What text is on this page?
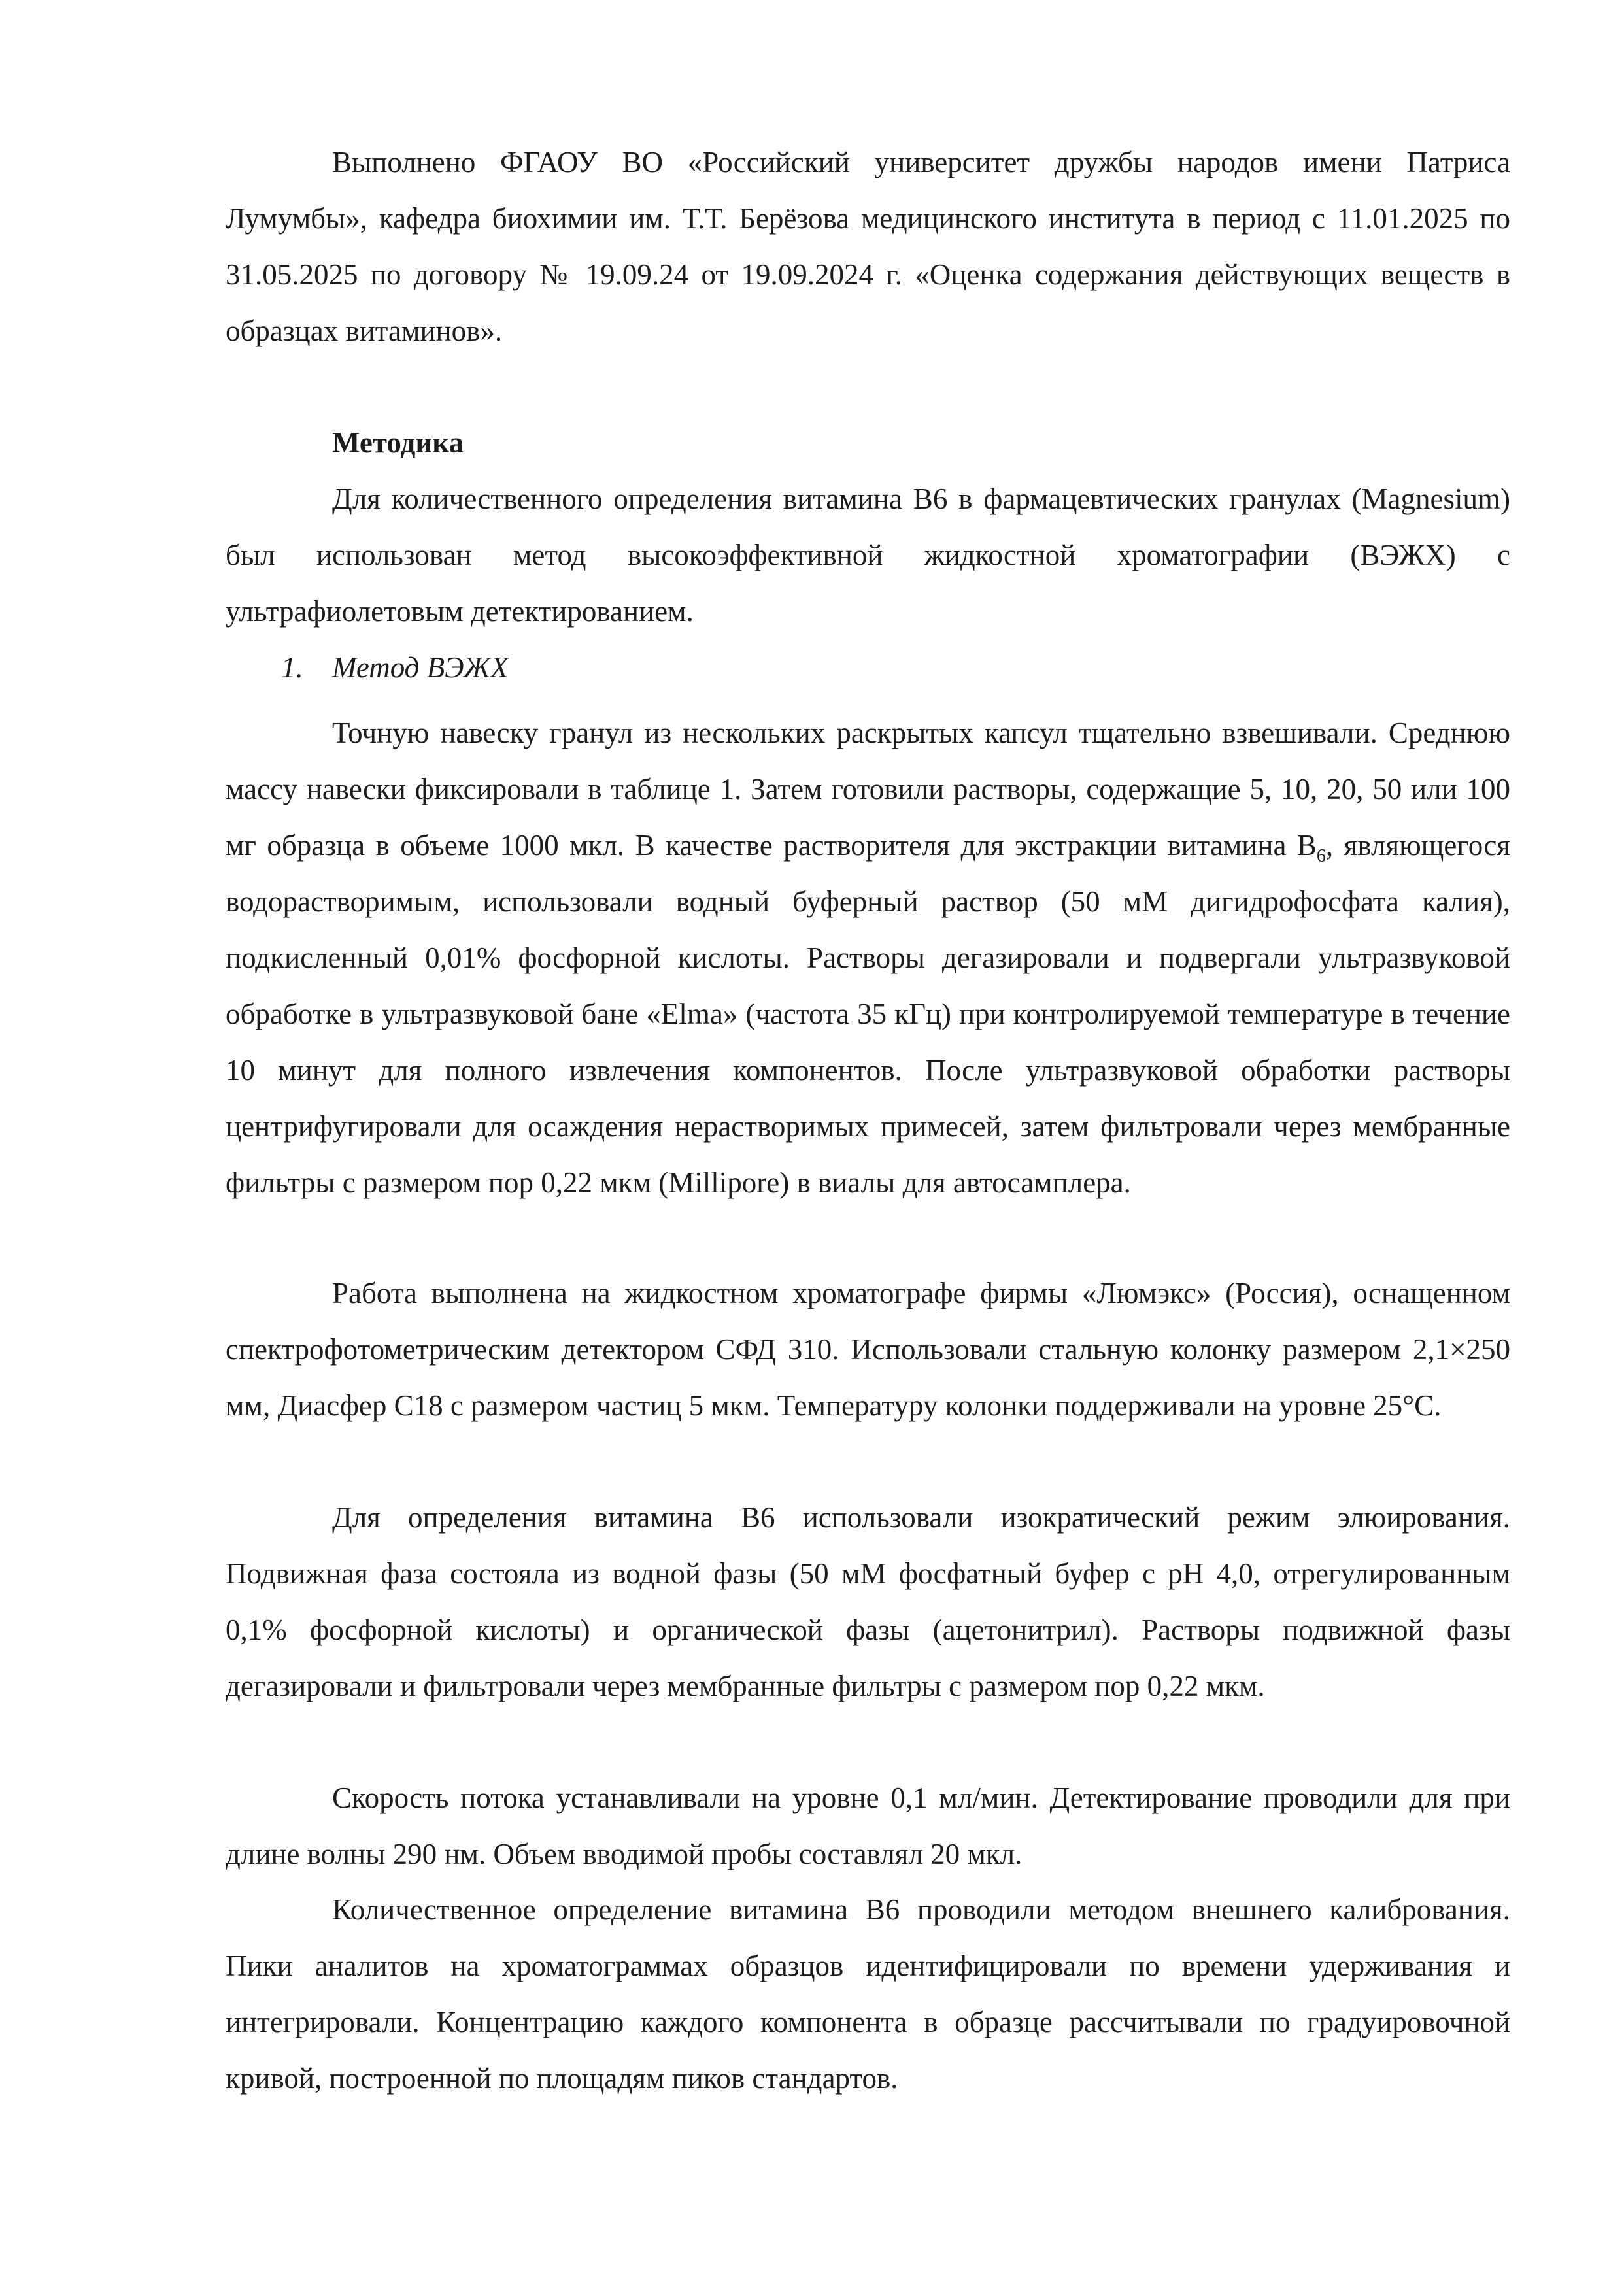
Выполнено ФГАОУ ВО «Российский университет дружбы народов имени Патриса Лумумбы», кафедра биохимии им. Т.Т. Берёзова медицинского института в период с 11.01.2025 по 31.05.2025 по договору № 19.09.24 от 19.09.2024 г. «Оценка содержания действующих веществ в образцах витаминов».

Методика

Для количественного определения витамина В6 в фармацевтических гранулах (Magnesium) был использован метод высокоэффективной жидкостной хроматографии (ВЭЖХ) с ультрафиолетовым детектированием.

1. Метод ВЭЖХ

Точную навеску гранул из нескольких раскрытых капсул тщательно взвешивали. Среднюю массу навески фиксировали в таблице 1. Затем готовили растворы, содержащие 5, 10, 20, 50 или 100 мг образца в объеме 1000 мкл. В качестве растворителя для экстракции витамина $В_6$, являющегося водорастворимым, использовали водный буферный раствор (50 мМ дигидрофосфата калия), подкисленный 0,01% фосфорной кислоты. Растворы дегазировали и подвергали ультразвуковой обработке в ультразвуковой бане «Elma» (частота 35 кГц) при контролируемой температуре в течение 10 минут для полного извлечения компонентов. После ультразвуковой обработки растворы центрифугировали для осаждения нерастворимых примесей, затем фильтровали через мембранные фильтры с размером пор 0,22 мкм (Millipore) в виалы для автосамплера.

Работа выполнена на жидкостном хроматографе фирмы «Люмэкс» (Россия), оснащенном спектрофотометрическим детектором СФД 310. Использовали стальную колонку размером 2,1×250 мм, Диасфер С18 с размером частиц 5 мкм. Температуру колонки поддерживали на уровне 25°С.

Для определения витамина В6 использовали изократический режим элюирования. Подвижная фаза состояла из водной фазы (50 мМ фосфатный буфер с pH 4,0, отрегулированным 0,1% фосфорной кислоты) и органической фазы (ацетонитрил). Растворы подвижной фазы дегазировали и фильтровали через мембранные фильтры с размером пор 0,22 мкм.

Скорость потока устанавливали на уровне 0,1 мл/мин. Детектирование проводили для при длине волны 290 нм. Объем вводимой пробы составлял 20 мкл.

Количественное определение витамина В6 проводили методом внешнего калибрования. Пики аналитов на хроматограммах образцов идентифицировали по времени удерживания и интегрировали. Концентрацию каждого компонента в образце рассчитывали по градуировочной кривой, построенной по площадям пиков стандартов.
